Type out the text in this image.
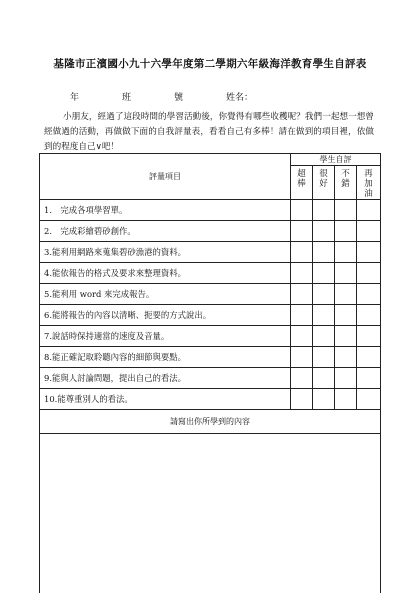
基隆市正濱國小九十六學年度第二學期六年級海洋教育學生自評表
年	班	號	姓名：

小朋友，經過了這段時間的學習活動後，你覺得有哪些收穫呢？我們一起想一想曾經做過的活動，再做做下面的自我評量表，看看自己有多棒！請在做到的項目裡，依做到的程度自己∨吧！

評量項目	學生自評			
	超棒	很好	不錯	再加油
1.　完成各項學習單。				
2.　完成彩繪碧砂創作。				
3.能利用網路來蒐集碧砂漁港的資料。				
4.能依報告的格式及要求來整理資料。				
5.能利用 word 來完成報告。				
6.能將報告的內容以清晰、扼要的方式說出。				
7.說話時保持適當的速度及音量。				
8.能正確記取聆聽內容的細節與要點。				
9.能與人討論問題，提出自己的看法。				
10.能尊重別人的看法。				
請寫出你所學到的內容				
